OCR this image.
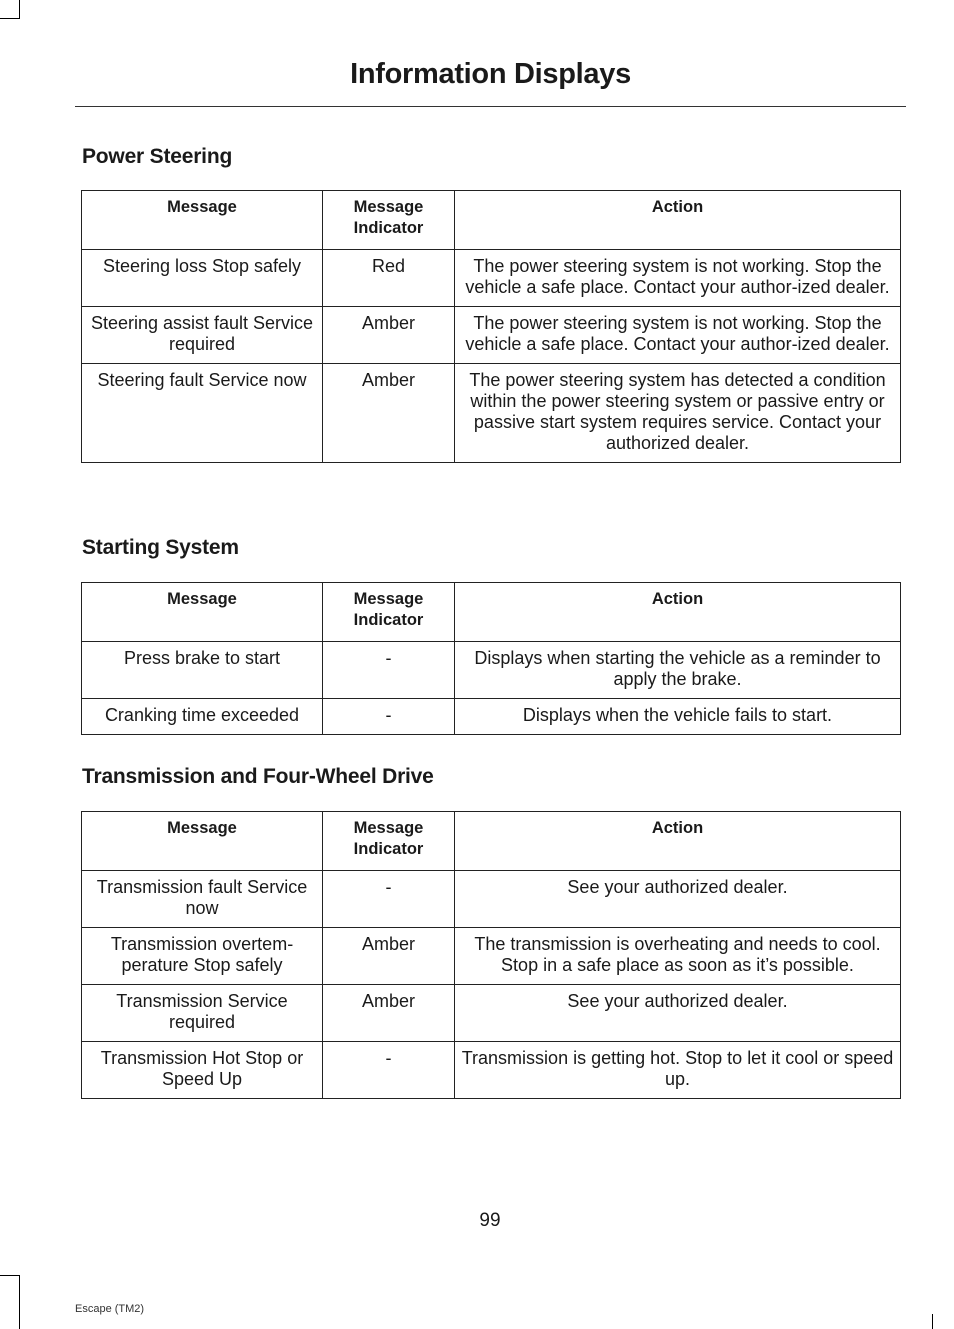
Information Displays
Power Steering
Message	Message Indicator	Action
Steering loss Stop safely	Red	The power steering system is not working. Stop the vehicle a safe place. Contact your author-ized dealer.
Steering assist fault Service required	Amber	The power steering system is not working. Stop the vehicle a safe place. Contact your author-ized dealer.
Steering fault Service now	Amber	The power steering system has detected a condition within the power steering system or passive entry or passive start system requires service. Contact your authorized dealer.
Starting System
Message	Message Indicator	Action
Press brake to start	-	Displays when starting the vehicle as a reminder to apply the brake.
Cranking time exceeded	-	Displays when the vehicle fails to start.
Transmission and Four-Wheel Drive
Message	Message Indicator	Action
Transmission fault Service now	-	See your authorized dealer.
Transmission overtem-perature Stop safely	Amber	The transmission is overheating and needs to cool. Stop in a safe place as soon as it’s possible.
Transmission Service required	Amber	See your authorized dealer.
Transmission Hot Stop or Speed Up	-	Transmission is getting hot. Stop to let it cool or speed up.
99
Escape (TM2)
